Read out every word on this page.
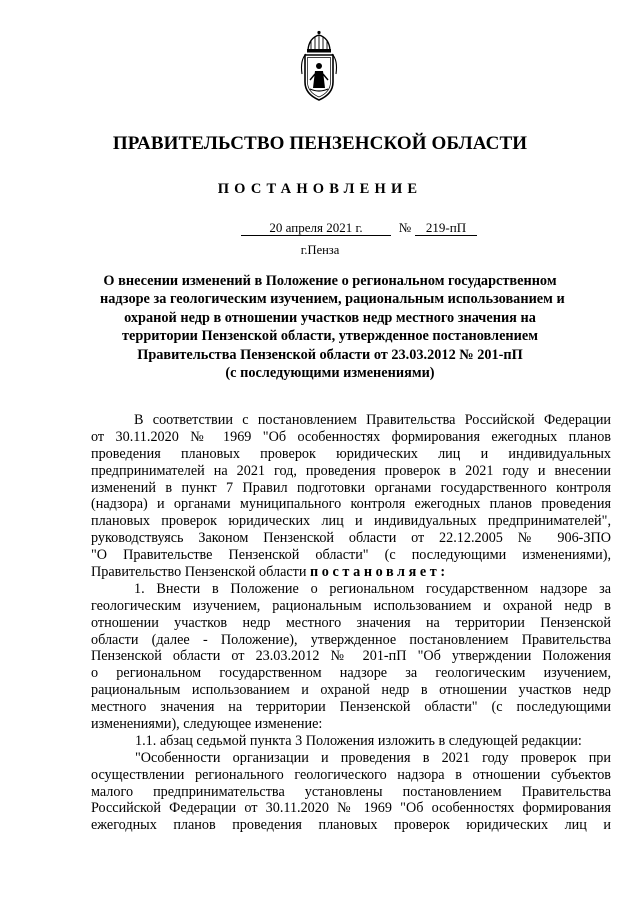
ПРАВИТЕЛЬСТВО ПЕНЗЕНСКОЙ ОБЛАСТИ
ПОСТАНОВЛЕНИЕ
20 апреля 2021 г.	№	219-пП
г.Пенза
О внесении изменений в Положение о региональном государственном
надзоре за геологическим изучением, рациональным использованием и
охраной недр в отношении участков недр местного значения на
территории Пензенской области, утвержденное постановлением
Правительства Пензенской области от 23.03.2012 № 201-пП
(с последующими изменениями)
В соответствии с постановлением Правительства Российской Федерации
от 30.11.2020 № 1969 "Об особенностях формирования ежегодных планов
проведения плановых проверок юридических лиц и индивидуальных
предпринимателей на 2021 год, проведения проверок в 2021 году и внесении
изменений в пункт 7 Правил подготовки органами государственного контроля
(надзора) и органами муниципального контроля ежегодных планов проведения
плановых проверок юридических лиц и индивидуальных предпринимателей",
руководствуясь Законом Пензенской области от 22.12.2005 № 906-ЗПО
"О Правительстве Пензенской области" (с последующими изменениями),
Правительство Пензенской области постановляет:
1. Внести в Положение о региональном государственном надзоре за
геологическим изучением, рациональным использованием и охраной недр в
отношении участков недр местного значения на территории Пензенской
области (далее - Положение), утвержденное постановлением Правительства
Пензенской области от 23.03.2012 № 201-пП "Об утверждении Положения
о региональном государственном надзоре за геологическим изучением,
рациональным использованием и охраной недр в отношении участков недр
местного значения на территории Пензенской области" (с последующими
изменениями), следующее изменение:
1.1. абзац седьмой пункта 3 Положения изложить в следующей редакции:
"Особенности организации и проведения в 2021 году проверок при
осуществлении регионального геологического надзора в отношении субъектов
малого предпринимательства установлены постановлением Правительства
Российской Федерации от 30.11.2020 № 1969 "Об особенностях формирования
ежегодных планов проведения плановых проверок юридических лиц и
